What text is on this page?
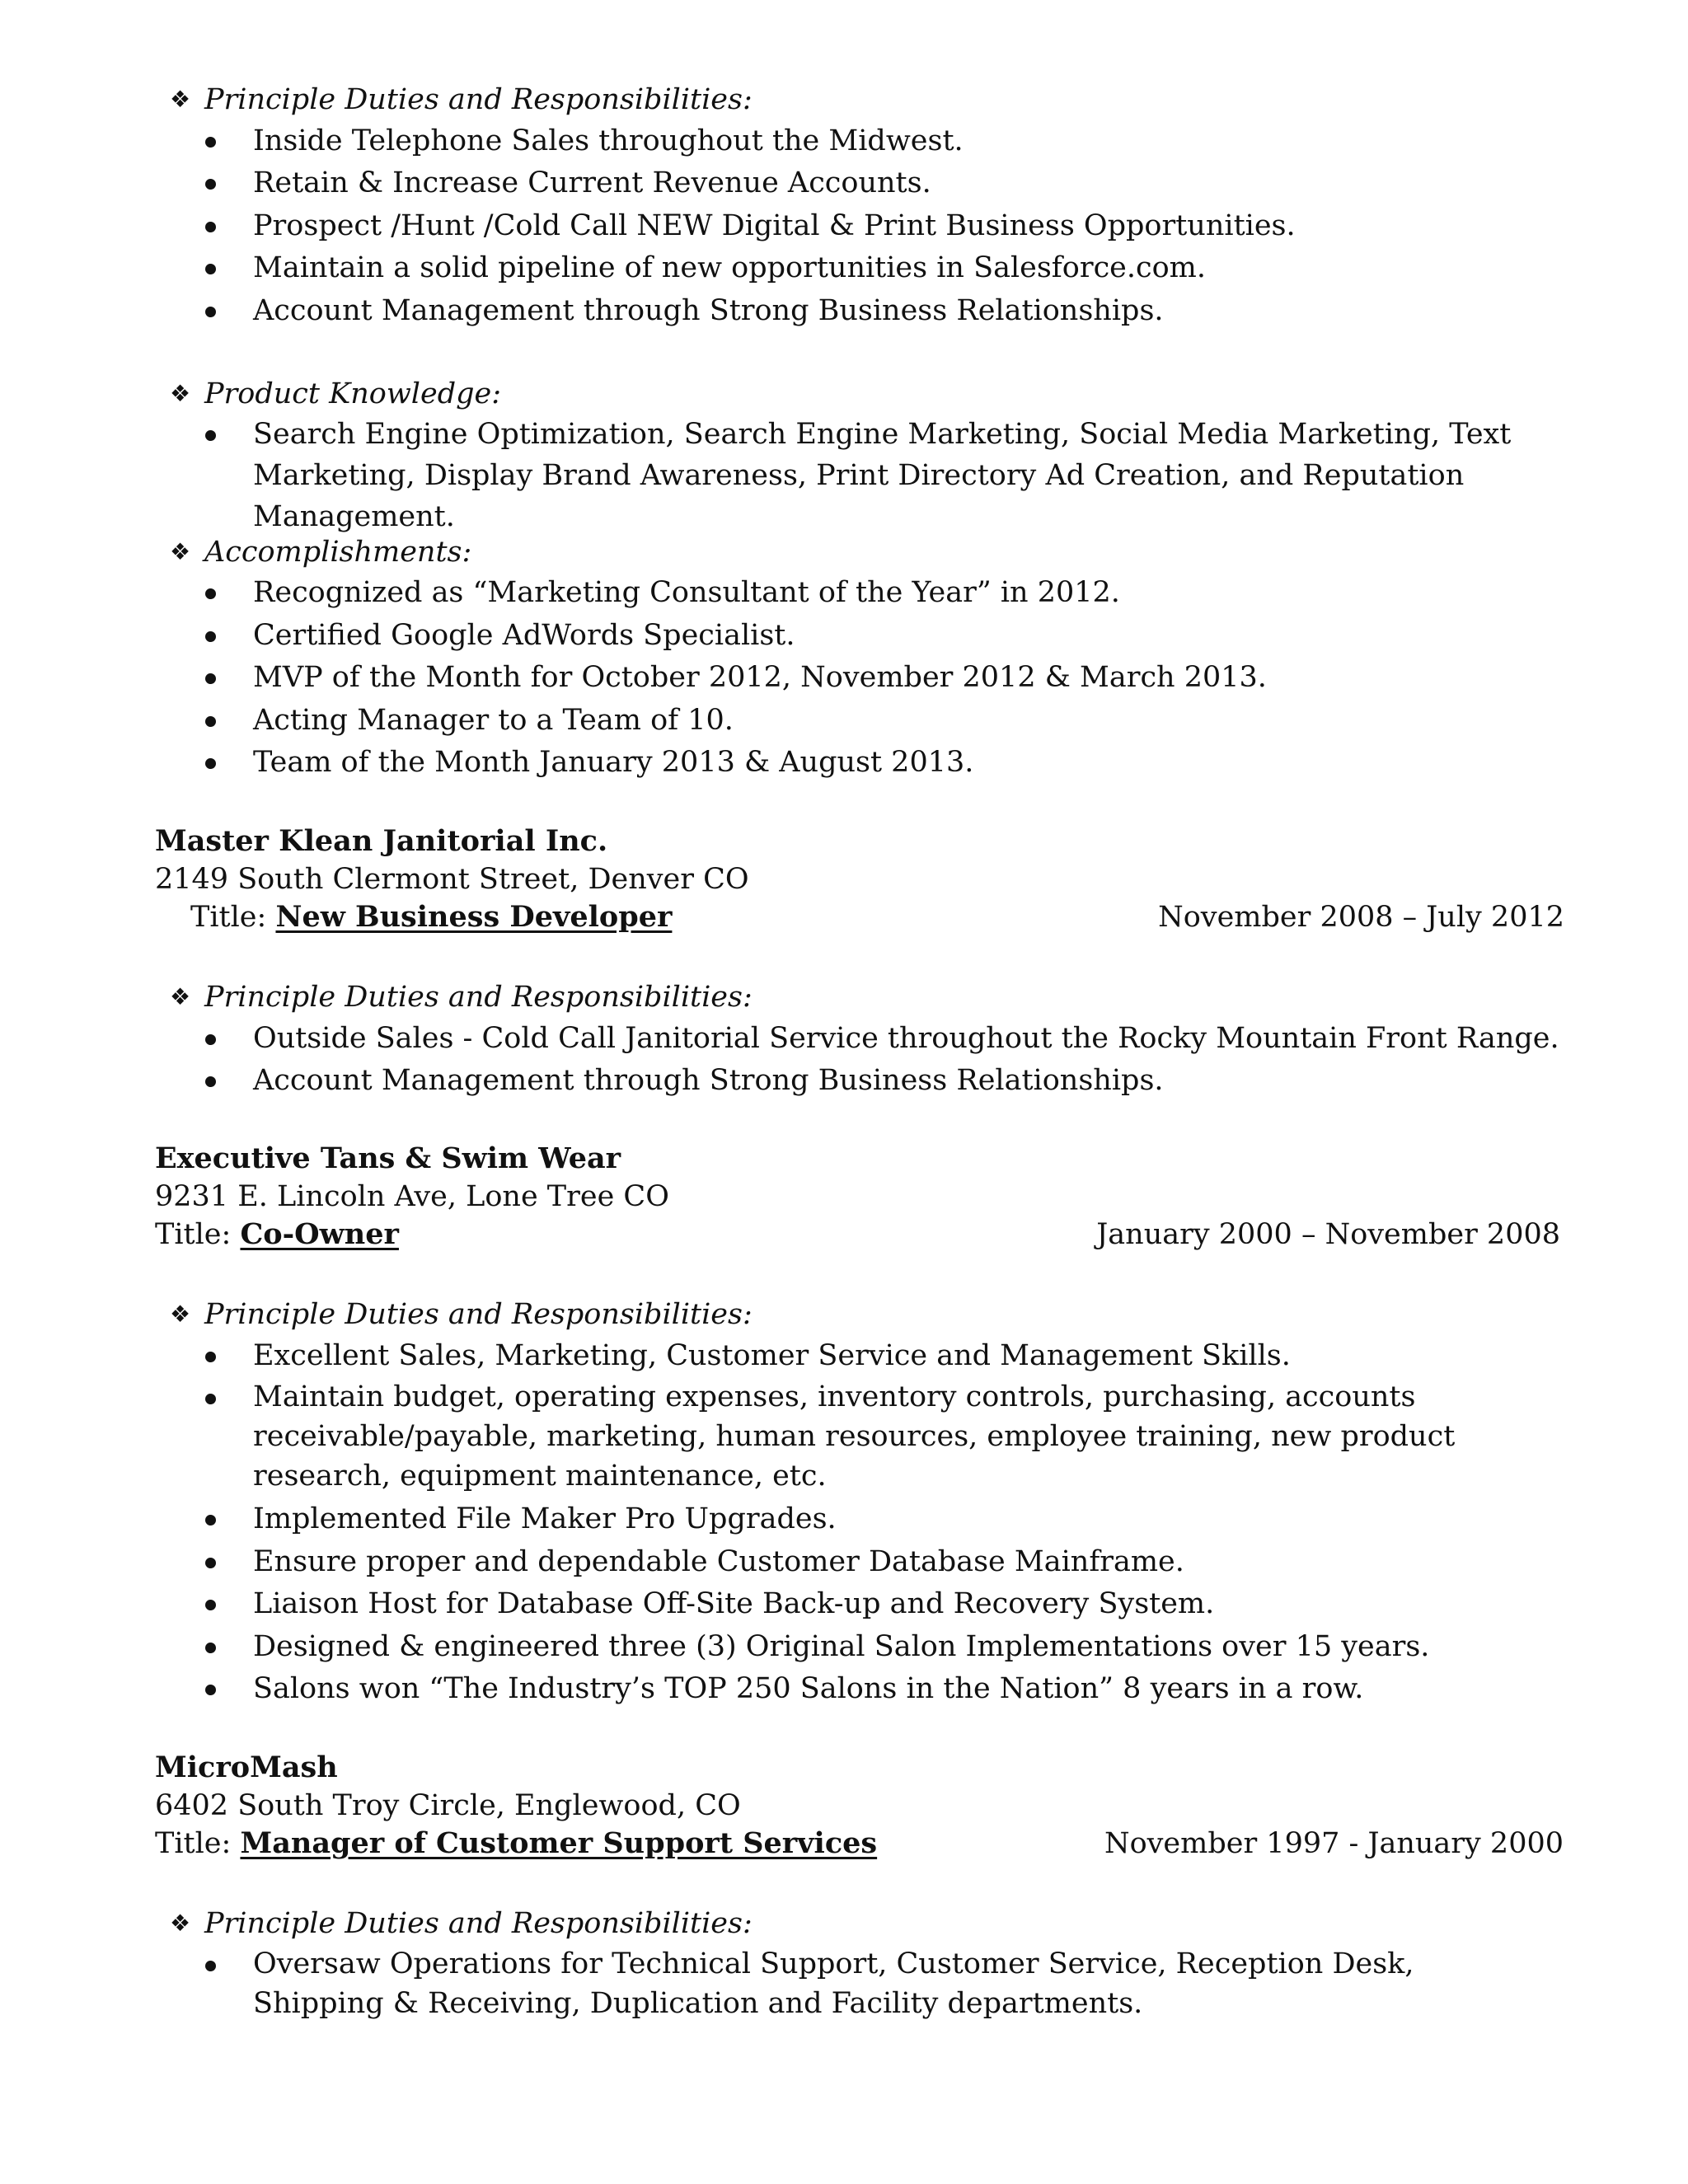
❖ Principle Duties and Responsibilities:
Inside Telephone Sales throughout the Midwest.
Retain & Increase Current Revenue Accounts.
Prospect /Hunt /Cold Call NEW Digital & Print Business Opportunities.
Maintain a solid pipeline of new opportunities in Salesforce.com.
Account Management through Strong Business Relationships.
❖ Product Knowledge:
Search Engine Optimization, Search Engine Marketing, Social Media Marketing, Text Marketing, Display Brand Awareness, Print Directory Ad Creation, and Reputation Management.
❖ Accomplishments:
Recognized as “Marketing Consultant of the Year” in 2012.
Certified Google AdWords Specialist.
MVP of the Month for October 2012, November 2012 & March 2013.
Acting Manager to a Team of 10.
Team of the Month January 2013 & August 2013.
Master Klean Janitorial Inc.
2149 South Clermont Street, Denver CO
Title: New Business Developer	November 2008 – July 2012
❖ Principle Duties and Responsibilities:
Outside Sales - Cold Call Janitorial Service throughout the Rocky Mountain Front Range.
Account Management through Strong Business Relationships.
Executive Tans & Swim Wear
9231 E. Lincoln Ave, Lone Tree CO
Title: Co-Owner	January 2000 – November 2008
❖ Principle Duties and Responsibilities:
Excellent Sales, Marketing, Customer Service and Management Skills.
Maintain budget, operating expenses, inventory controls, purchasing, accounts receivable/payable, marketing, human resources, employee training, new product research, equipment maintenance, etc.
Implemented File Maker Pro Upgrades.
Ensure proper and dependable Customer Database Mainframe.
Liaison Host for Database Off-Site Back-up and Recovery System.
Designed & engineered three (3) Original Salon Implementations over 15 years.
Salons won “The Industry’s TOP 250 Salons in the Nation” 8 years in a row.
MicroMash
6402 South Troy Circle, Englewood, CO
Title: Manager of Customer Support Services	November 1997 - January 2000
❖ Principle Duties and Responsibilities:
Oversaw Operations for Technical Support, Customer Service, Reception Desk, Shipping & Receiving, Duplication and Facility departments.
